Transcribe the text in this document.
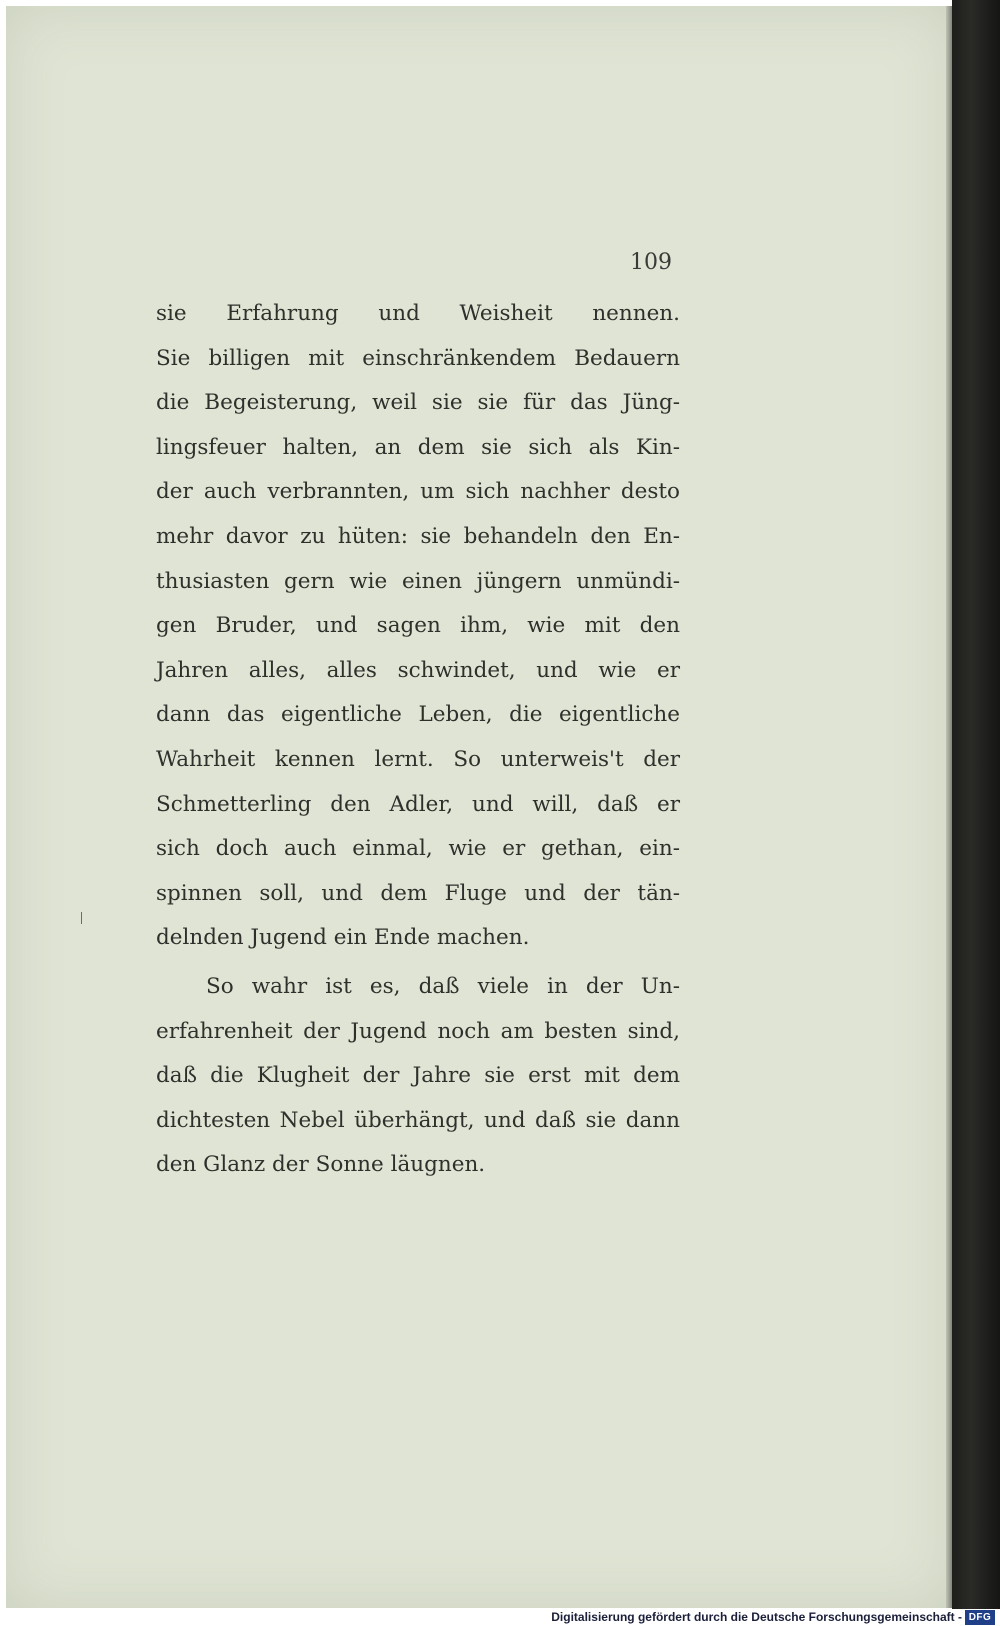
109
sie Erfahrung und Weisheit nennen.
Sie billigen mit einschränkendem Bedauern
die Begeisterung, weil sie sie für das Jüng-
lingsfeuer halten, an dem sie sich als Kin-
der auch verbrannten, um sich nachher desto
mehr davor zu hüten: sie behandeln den En-
thusiasten gern wie einen jüngern unmündi-
gen Bruder, und sagen ihm, wie mit den
Jahren alles, alles schwindet, und wie er
dann das eigentliche Leben, die eigentliche
Wahrheit kennen lernt. So unterweis't der
Schmetterling den Adler, und will, daß er
sich doch auch einmal, wie er gethan, ein-
spinnen soll, und dem Fluge und der tän-
delnden Jugend ein Ende machen.
So wahr ist es, daß viele in der Un-
erfahrenheit der Jugend noch am besten sind,
daß die Klugheit der Jahre sie erst mit dem
dichtesten Nebel überhängt, und daß sie dann
den Glanz der Sonne läugnen.
Digitalisierung gefördert durch die Deutsche Forschungsgemeinschaft - DFG
